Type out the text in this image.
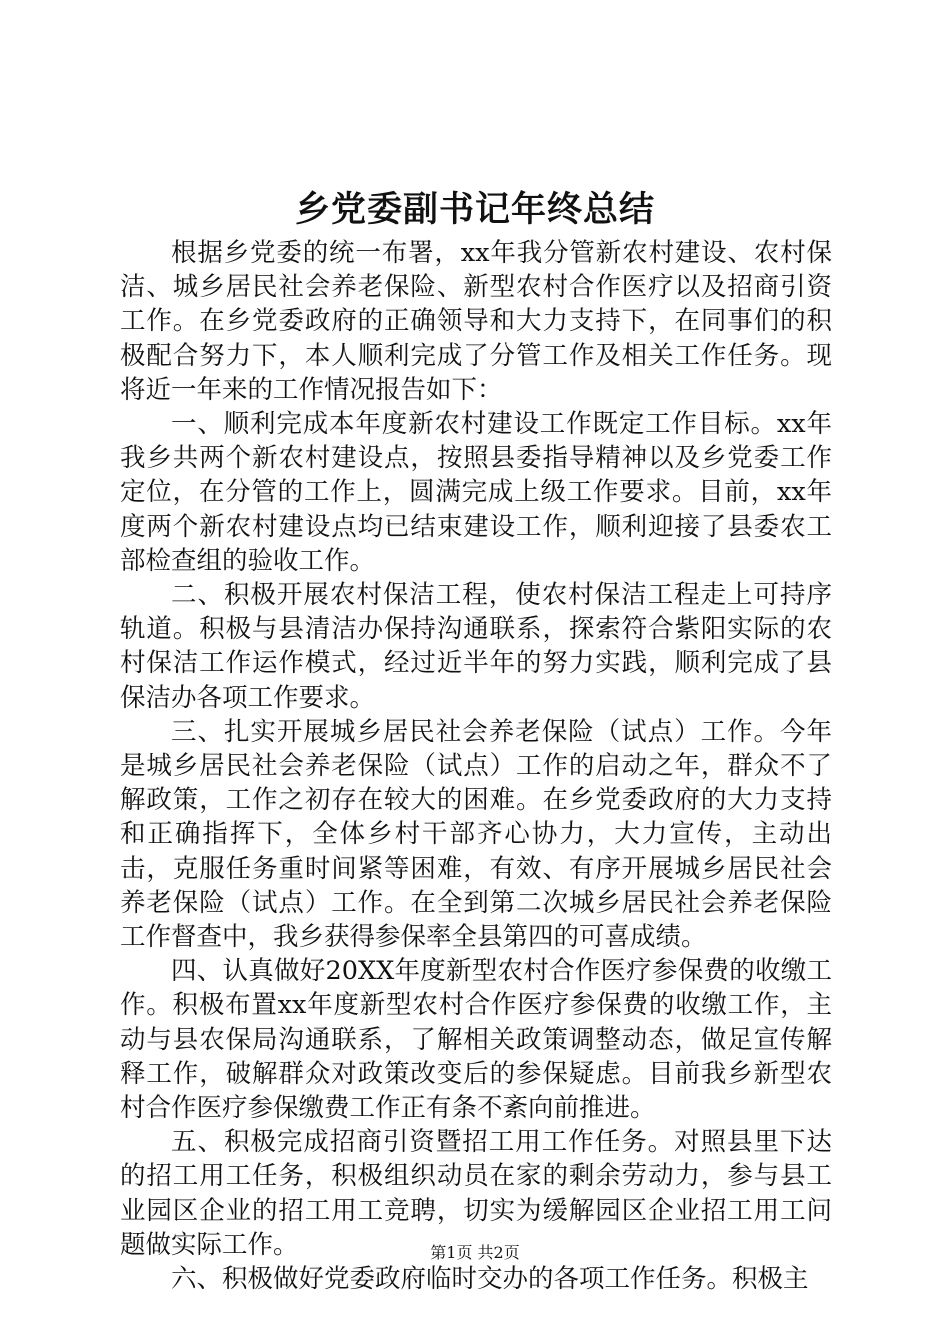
乡党委副书记年终总结

根据乡党委的统一布署，xx年我分管新农村建设、农村保洁、城乡居民社会养老保险、新型农村合作医疗以及招商引资工作。在乡党委政府的正确领导和大力支持下，在同事们的积极配合努力下，本人顺利完成了分管工作及相关工作任务。现将近一年来的工作情况报告如下：

一、顺利完成本年度新农村建设工作既定工作目标。xx年我乡共两个新农村建设点，按照县委指导精神以及乡党委工作定位，在分管的工作上，圆满完成上级工作要求。目前，xx年度两个新农村建设点均已结束建设工作，顺利迎接了县委农工部检查组的验收工作。

二、积极开展农村保洁工程，使农村保洁工程走上可持序轨道。积极与县清洁办保持沟通联系，探索符合紫阳实际的农村保洁工作运作模式，经过近半年的努力实践，顺利完成了县保洁办各项工作要求。

三、扎实开展城乡居民社会养老保险（试点）工作。今年是城乡居民社会养老保险（试点）工作的启动之年，群众不了解政策，工作之初存在较大的困难。在乡党委政府的大力支持和正确指挥下，全体乡村干部齐心协力，大力宣传，主动出击，克服任务重时间紧等困难，有效、有序开展城乡居民社会养老保险（试点）工作。在全到第二次城乡居民社会养老保险工作督查中，我乡获得参保率全县第四的可喜成绩。

四、认真做好20XX年度新型农村合作医疗参保费的收缴工作。积极布置xx年度新型农村合作医疗参保费的收缴工作，主动与县农保局沟通联系，了解相关政策调整动态，做足宣传解释工作，破解群众对政策改变后的参保疑虑。目前我乡新型农村合作医疗参保缴费工作正有条不紊向前推进。

五、积极完成招商引资暨招工用工作任务。对照县里下达的招工用工任务，积极组织动员在家的剩余劳动力，参与县工业园区企业的招工用工竞聘，切实为缓解园区企业招工用工问题做实际工作。

六、积极做好党委政府临时交办的各项工作任务。积极主

第1页 共2页
